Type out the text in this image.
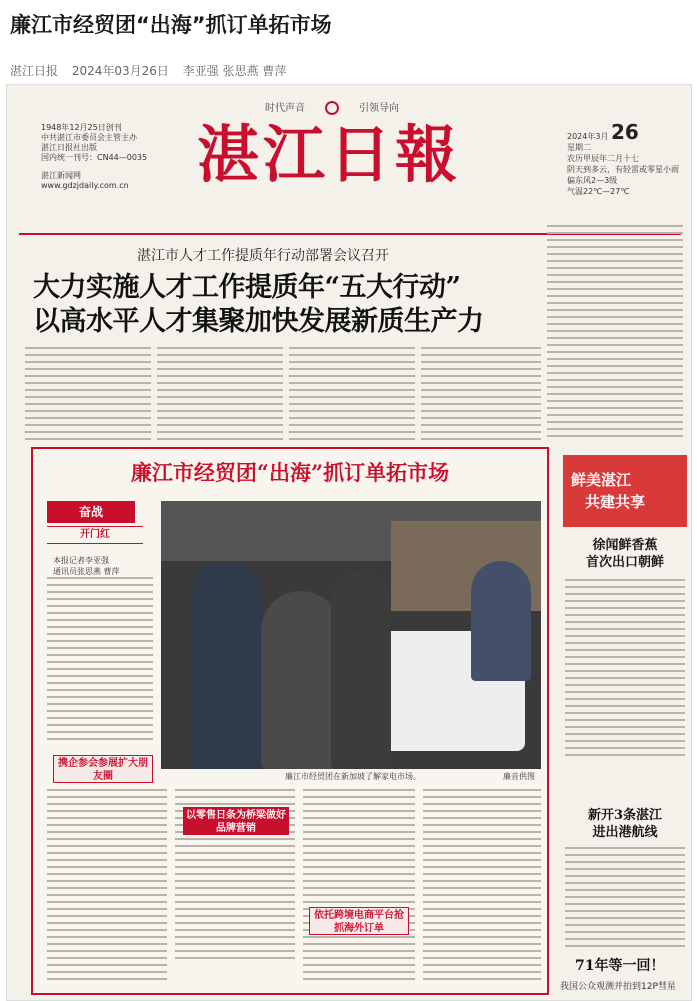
廉江市经贸团“出海”抓订单拓市场
湛江日报 2024年03月26日 李亚强 张思燕 曹萍
时代声音	引领导向
湛江日報
1948年12月25日创刊
中共湛江市委员会主管主办
湛江日报社出版
国内统一刊号：CN44—0035
湛江新闻网
www.gdzjdaily.com.cn
2024年3月 26
星期二
农历甲辰年二月十七
阴天到多云，有轻雷或零星小雨
偏东风2—3级
气温22℃—27℃
湛江市人才工作提质年行动部署会议召开
大力实施人才工作提质年“五大行动”
以高水平人才集聚加快发展新质生产力
廉江市经贸团“出海”抓订单拓市场
奋战
开门红
本报记者李亚强
通讯员张思燕 曹萍
廉江市经贸团在新加坡了解家电市场。	廉音供图
携企参会参展扩大朋友圈
以零售日条为桥梁做好品牌营销
依托跨境电商平台抢抓海外订单
鲜美湛江
共建共享
徐闻鲜香蕉
首次出口朝鲜
新开3条湛江
进出港航线
71年等一回！
我国公众观测并拍到12P彗星
